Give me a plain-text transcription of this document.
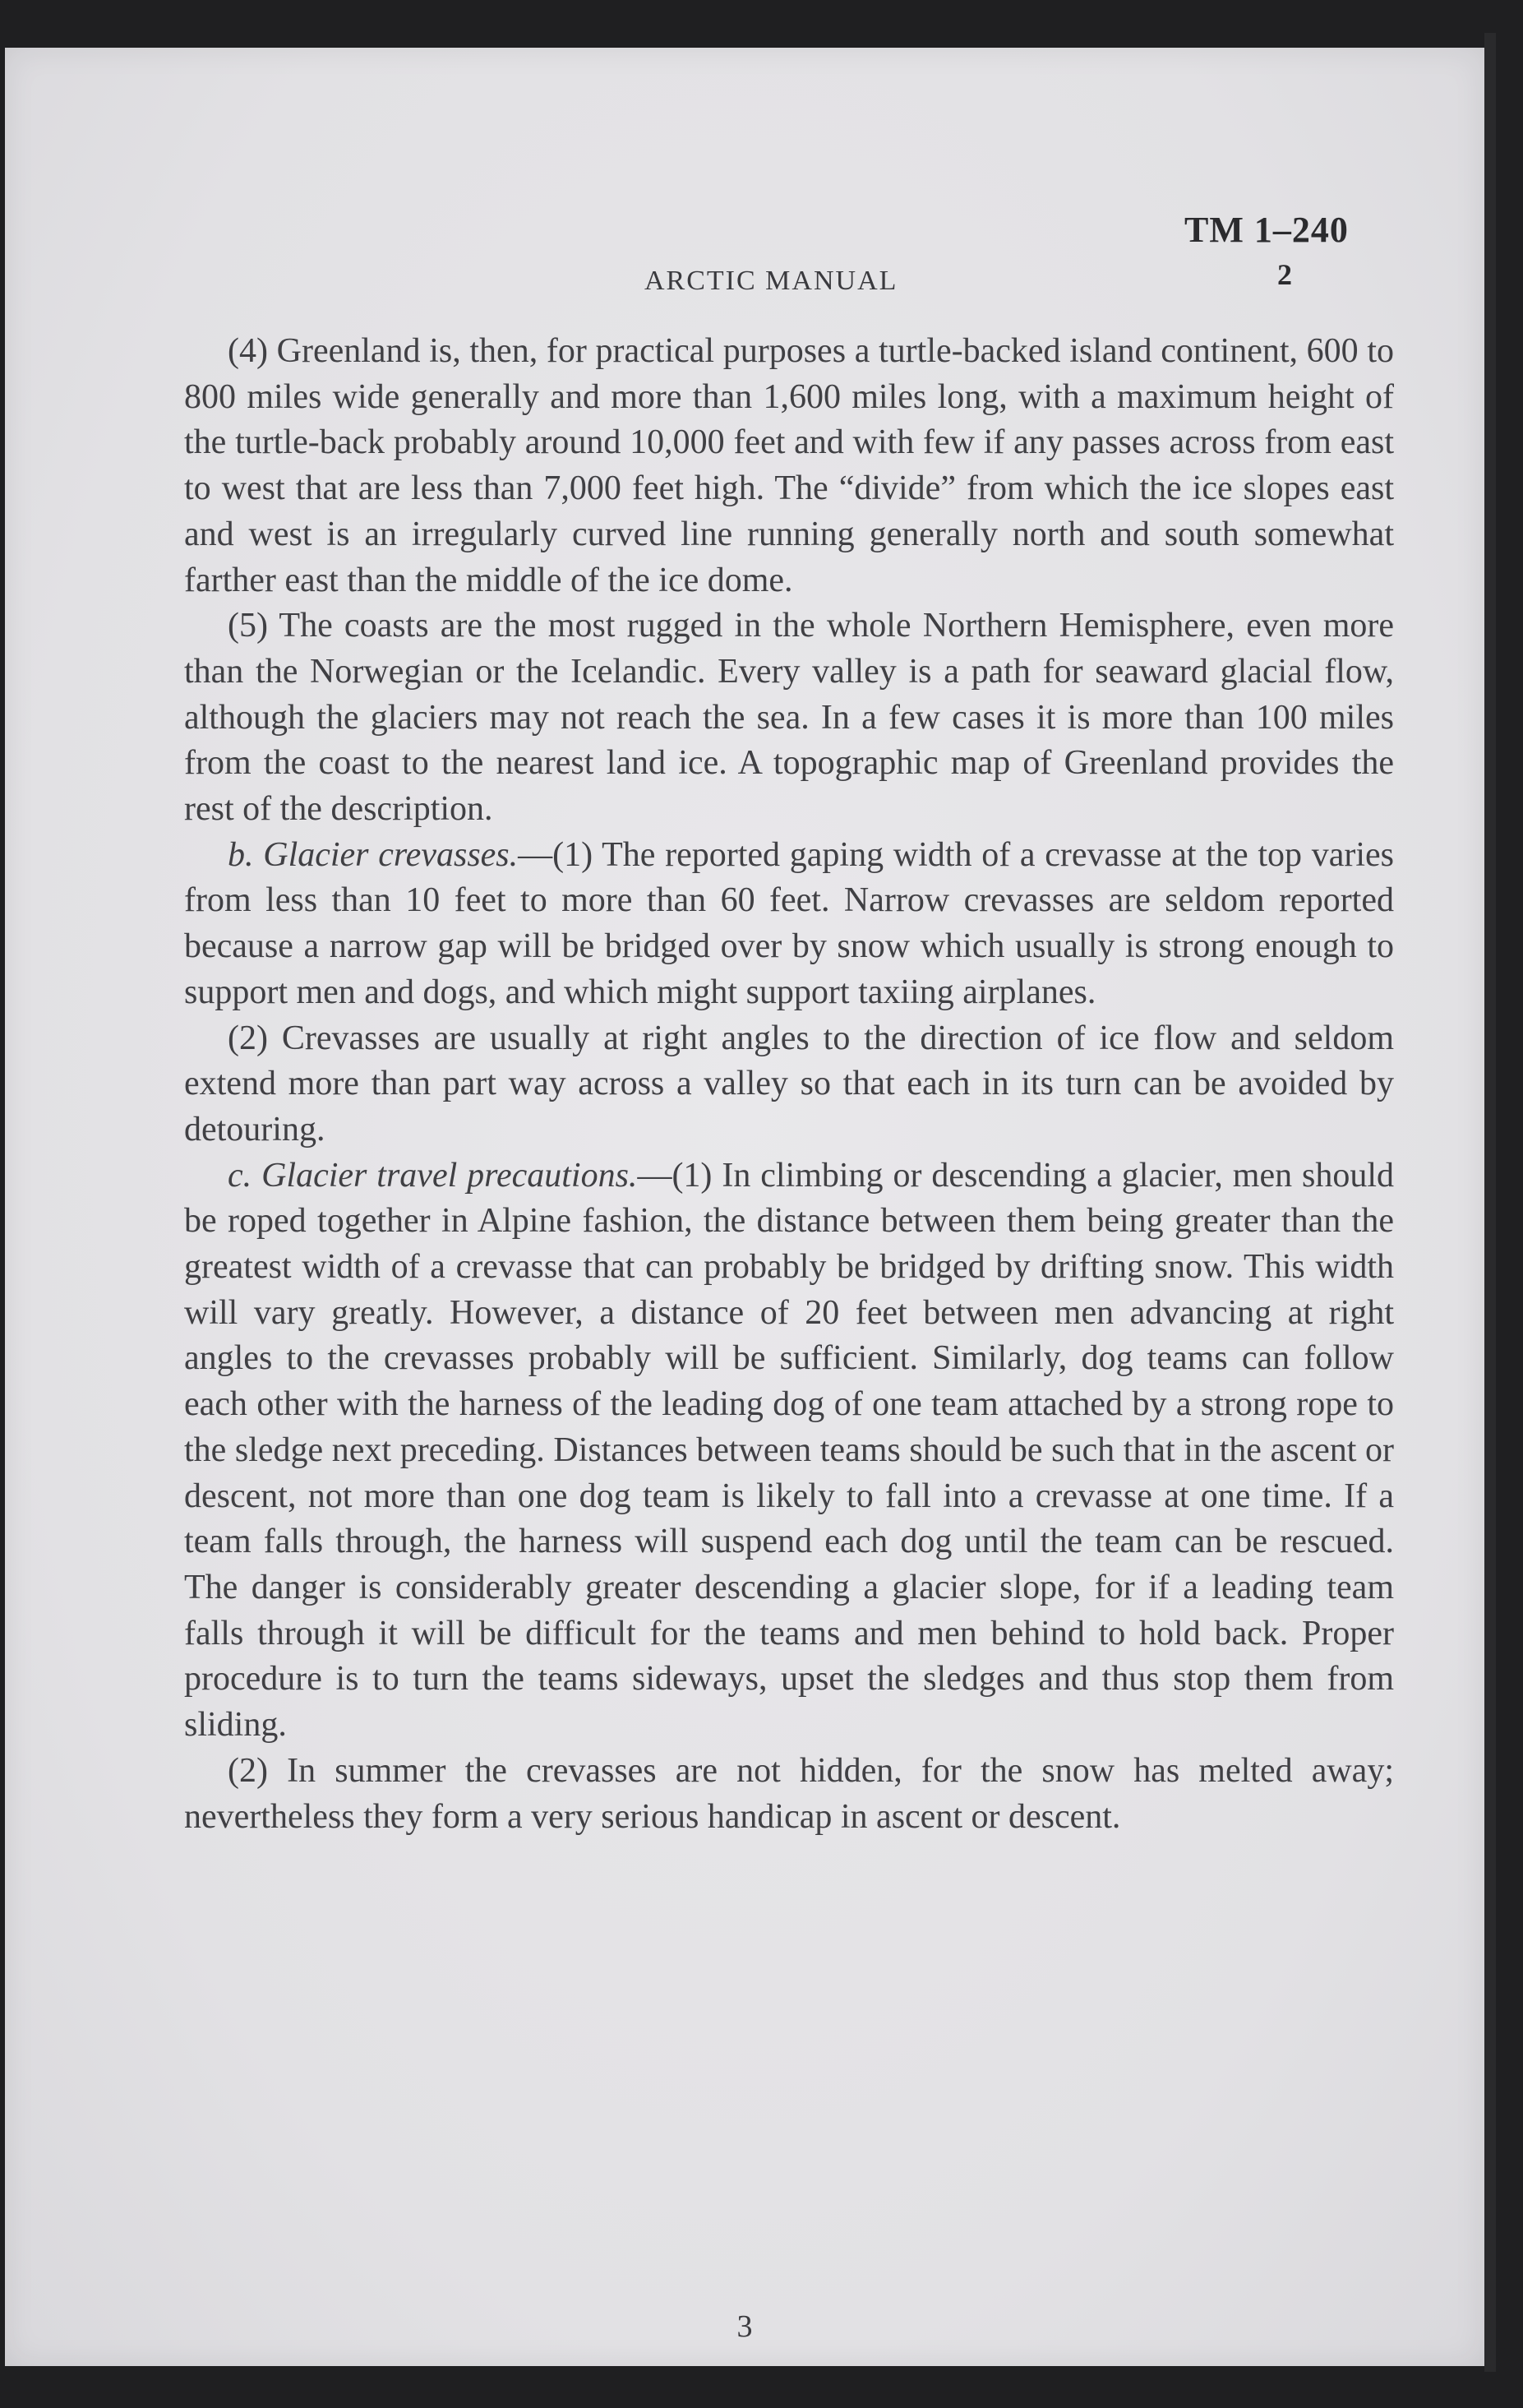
TM 1–240
ARCTIC MANUAL	2

(4) Greenland is, then, for practical purposes a turtle-backed island continent, 600 to 800 miles wide generally and more than 1,600 miles long, with a maximum height of the turtle-back probably around 10,000 feet and with few if any passes across from east to west that are less than 7,000 feet high. The “divide” from which the ice slopes east and west is an irregularly curved line running generally north and south somewhat farther east than the middle of the ice dome.

(5) The coasts are the most rugged in the whole Northern Hemisphere, even more than the Norwegian or the Icelandic. Every valley is a path for seaward glacial flow, although the glaciers may not reach the sea. In a few cases it is more than 100 miles from the coast to the nearest land ice. A topographic map of Greenland provides the rest of the description.

b. Glacier crevasses.—(1) The reported gaping width of a crevasse at the top varies from less than 10 feet to more than 60 feet. Narrow crevasses are seldom reported because a narrow gap will be bridged over by snow which usually is strong enough to support men and dogs, and which might support taxiing airplanes.

(2) Crevasses are usually at right angles to the direction of ice flow and seldom extend more than part way across a valley so that each in its turn can be avoided by detouring.

c. Glacier travel precautions.—(1) In climbing or descending a glacier, men should be roped together in Alpine fashion, the distance between them being greater than the greatest width of a crevasse that can probably be bridged by drifting snow. This width will vary greatly. However, a distance of 20 feet between men advancing at right angles to the crevasses probably will be sufficient. Similarly, dog teams can follow each other with the harness of the leading dog of one team attached by a strong rope to the sledge next preceding. Distances between teams should be such that in the ascent or descent, not more than one dog team is likely to fall into a crevasse at one time. If a team falls through, the harness will suspend each dog until the team can be rescued. The danger is considerably greater descending a glacier slope, for if a leading team falls through it will be difficult for the teams and men behind to hold back. Proper procedure is to turn the teams sideways, upset the sledges and thus stop them from sliding.

(2) In summer the crevasses are not hidden, for the snow has melted away; nevertheless they form a very serious handicap in ascent or descent.

3
